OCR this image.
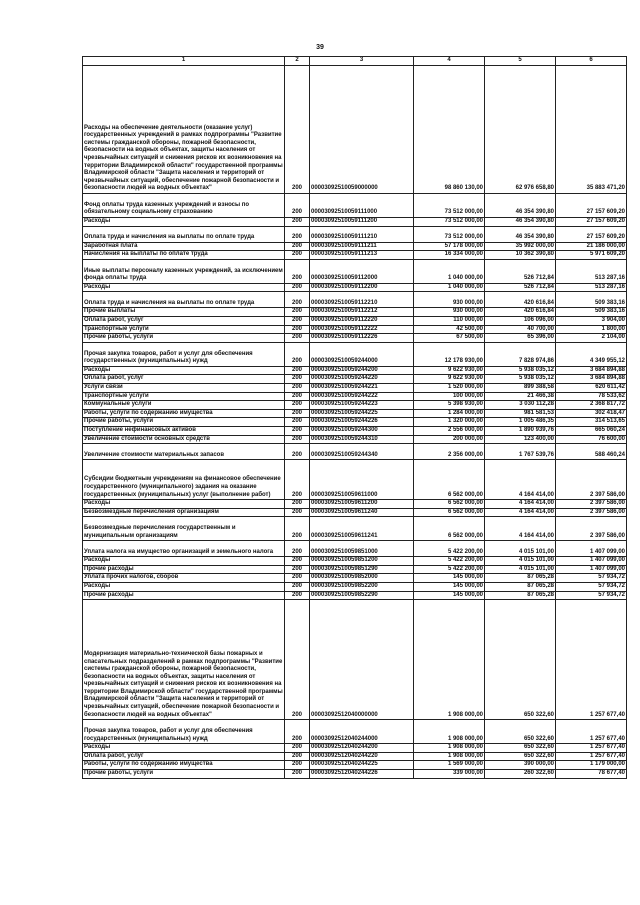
39
1	2	3	4	5	6
Расходы на обеспечение деятельности (оказание услуг) государственных учреждений в рамках подпрограммы "Развитие системы гражданской обороны, пожарной безопасности, безопасности на водных объектах, защиты населения от чрезвычайных ситуаций и снижения рисков их возникновения на территории Владимирской области" государственной программы Владимирской области "Защита населения и территорий от чрезвычайных ситуаций, обеспечение пожарной безопасности и безопасности людей на водных объектах"	200	00003092510059000000	98 860 130,00	62 976 658,80	35 883 471,20
Фонд оплаты труда казенных учреждений и взносы по обязательному социальному страхованию	200	00003092510059111000	73 512 000,00	46 354 390,80	27 157 609,20
Расходы	200	00003092510059111200	73 512 000,00	46 354 390,80	27 157 609,20
Оплата труда и начисления на выплаты по оплате труда	200	00003092510059111210	73 512 000,00	46 354 390,80	27 157 609,20
Заработная плата	200	00003092510059111211	57 178 000,00	35 992 000,00	21 186 000,00
Начисления на выплаты по оплате труда	200	00003092510059111213	16 334 000,00	10 362 390,80	5 971 609,20
Иные выплаты персоналу казенных учреждений, за исключением фонда оплаты труда	200	00003092510059112000	1 040 000,00	526 712,84	513 287,16
Расходы	200	00003092510059112200	1 040 000,00	526 712,84	513 287,16
Оплата труда и начисления на выплаты по оплате труда	200	00003092510059112210	930 000,00	420 616,84	509 383,16
Прочие выплаты	200	00003092510059112212	930 000,00	420 616,84	509 383,16
Оплата работ, услуг	200	00003092510059112220	110 000,00	106 096,00	3 904,00
Транспортные услуги	200	00003092510059112222	42 500,00	40 700,00	1 800,00
Прочие работы, услуги	200	00003092510059112226	67 500,00	65 396,00	2 104,00
Прочая закупка товаров, работ и услуг для обеспечения государственных (муниципальных) нужд	200	00003092510059244000	12 178 930,00	7 828 974,86	4 349 955,12
Расходы	200	00003092510059244200	9 622 930,00	5 938 035,12	3 684 894,88
Оплата работ, услуг	200	00003092510059244220	9 622 930,00	5 938 035,12	3 684 894,88
Услуги связи	200	00003092510059244221	1 520 000,00	899 388,58	620 611,42
Транспортные услуги	200	00003092510059244222	100 000,00	21 466,38	78 533,62
Коммунальные услуги	200	00003092510059244223	5 398 930,00	3 030 112,28	2 368 817,72
Работы, услуги по содержанию имущества	200	00003092510059244225	1 284 000,00	981 581,53	302 418,47
Прочие работы, услуги	200	00003092510059244226	1 320 000,00	1 005 486,35	314 513,65
Поступление нефинансовых активов	200	00003092510059244300	2 556 000,00	1 890 939,76	665 060,24
Увеличение стоимости основных средств	200	00003092510059244310	200 000,00	123 400,00	76 600,00
Увеличение стоимости материальных запасов	200	00003092510059244340	2 356 000,00	1 767 539,76	588 460,24
Субсидии бюджетным учреждениям на финансовое обеспечение государственного (муниципального) задания на оказание государственных (муниципальных) услуг (выполнение работ)	200	00003092510059611000	6 562 000,00	4 164 414,00	2 397 586,00
Расходы	200	00003092510059611200	6 562 000,00	4 164 414,00	2 397 586,00
Безвозмездные перечисления организациям	200	00003092510059611240	6 562 000,00	4 164 414,00	2 397 586,00
Безвозмездные перечисления государственным и муниципальным организациям	200	00003092510059611241	6 562 000,00	4 164 414,00	2 397 586,00
Уплата налога на имущество организаций и земельного налога	200	00003092510059851000	5 422 200,00	4 015 101,00	1 407 099,00
Расходы	200	00003092510059851200	5 422 200,00	4 015 101,00	1 407 099,00
Прочие расходы	200	00003092510059851290	5 422 200,00	4 015 101,00	1 407 099,00
Уплата прочих налогов, сборов	200	00003092510059852000	145 000,00	87 065,28	57 934,72
Расходы	200	00003092510059852200	145 000,00	87 065,28	57 934,72
Прочие расходы	200	00003092510059852290	145 000,00	87 065,28	57 934,72
Модернизация материально-технической базы пожарных и спасательных подразделений в рамках подпрограммы "Развитие системы гражданской обороны, пожарной безопасности, безопасности на водных объектах, защиты населения от чрезвычайных ситуаций и снижения рисков их возникновения на территории Владимирской области" государственной программы Владимирской области "Защита населения и территорий от чрезвычайных ситуаций, обеспечение пожарной безопасности и безопасности людей на водных объектах"	200	00003092512040000000	1 908 000,00	650 322,60	1 257 677,40
Прочая закупка товаров, работ и услуг для обеспечения государственных (муниципальных) нужд	200	00003092512040244000	1 908 000,00	650 322,60	1 257 677,40
Расходы	200	00003092512040244200	1 908 000,00	650 322,60	1 257 677,40
Оплата работ, услуг	200	00003092512040244220	1 908 000,00	650 322,60	1 257 677,40
Работы, услуги по содержанию имущества	200	00003092512040244225	1 569 000,00	390 000,00	1 179 000,00
Прочие работы, услуги	200	00003092512040244226	339 000,00	260 322,60	78 677,40
